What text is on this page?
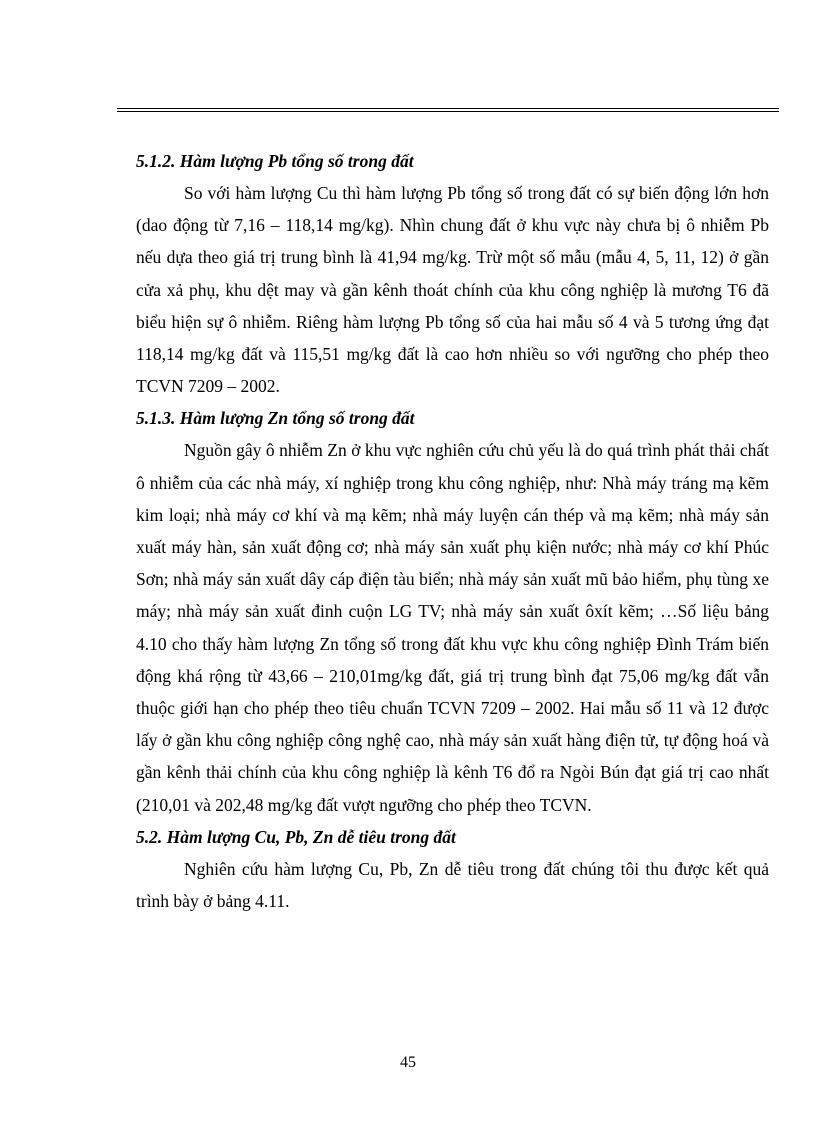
5.1.2. Hàm lượng Pb tổng số trong đất

So với hàm lượng Cu thì hàm lượng Pb tổng số trong đất có sự biến động lớn hơn (dao động từ 7,16 – 118,14 mg/kg). Nhìn chung đất ở khu vực này chưa bị ô nhiễm Pb nếu dựa theo giá trị trung bình là 41,94 mg/kg. Trừ một số mẫu (mẫu 4, 5, 11, 12) ở gần cửa xả phụ, khu dệt may và gần kênh thoát chính của khu công nghiệp là mương T6 đã biểu hiện sự ô nhiễm. Riêng hàm lượng Pb tổng số của hai mẫu số 4 và 5 tương ứng đạt 118,14 mg/kg đất và 115,51 mg/kg đất là cao hơn nhiều so với ngưỡng cho phép theo TCVN 7209 – 2002.

5.1.3. Hàm lượng Zn tổng số trong đất

Nguồn gây ô nhiễm Zn ở khu vực nghiên cứu chủ yếu là do quá trình phát thải chất ô nhiễm của các nhà máy, xí nghiệp trong khu công nghiệp, như: Nhà máy tráng mạ kẽm kim loại; nhà máy cơ khí và mạ kẽm; nhà máy luyện cán thép và mạ kẽm; nhà máy sản xuất máy hàn, sản xuất động cơ; nhà máy sản xuất phụ kiện nước; nhà máy cơ khí Phúc Sơn; nhà máy sản xuất dây cáp điện tàu biển; nhà máy sản xuất mũ bảo hiểm, phụ tùng xe máy; nhà máy sản xuất đinh cuộn LG TV; nhà máy sản xuất ôxít kẽm; …Số liệu bảng 4.10 cho thấy hàm lượng Zn tổng số trong đất khu vực khu công nghiệp Đình Trám biến động khá rộng từ 43,66 – 210,01mg/kg đất, giá trị trung bình đạt 75,06 mg/kg đất vẫn thuộc giới hạn cho phép theo tiêu chuẩn TCVN 7209 – 2002. Hai mẫu số 11 và 12 được lấy ở gần khu công nghiệp công nghệ cao, nhà máy sản xuất hàng điện tử, tự động hoá và gần kênh thải chính của khu công nghiệp là kênh T6 đổ ra Ngòi Bún đạt giá trị cao nhất (210,01 và 202,48 mg/kg đất vượt ngưỡng cho phép theo TCVN.

5.2. Hàm lượng Cu, Pb, Zn dễ tiêu trong đất

Nghiên cứu hàm lượng Cu, Pb, Zn dễ tiêu trong đất chúng tôi thu được kết quả trình bày ở bảng 4.11.

45
